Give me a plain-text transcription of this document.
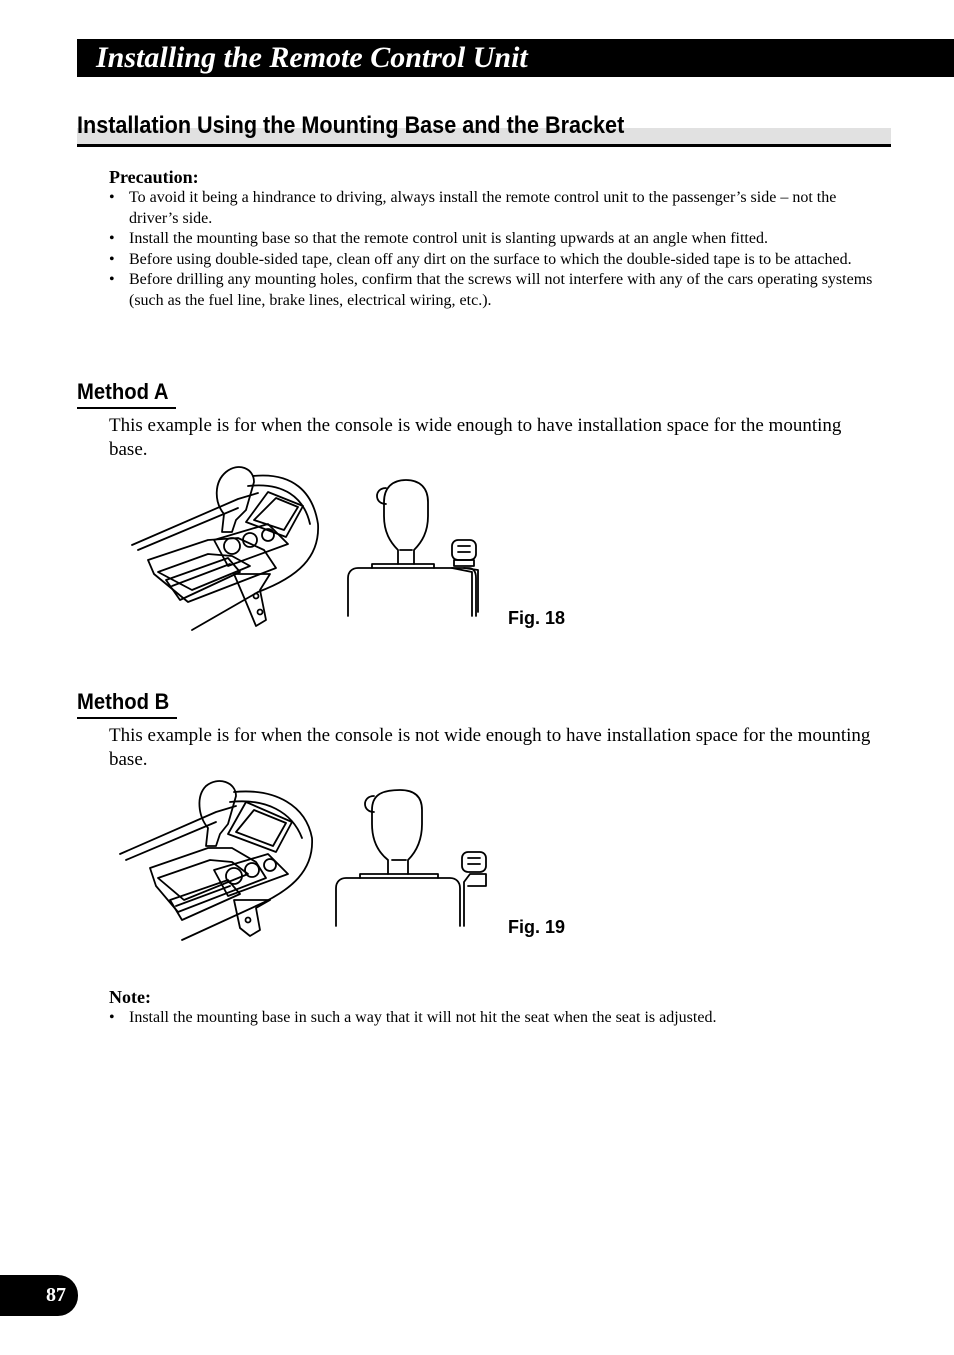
Installing the Remote Control Unit
Installation Using the Mounting Base and the Bracket
Precaution:
• To avoid it being a hindrance to driving, always install the remote control unit to the passenger’s side – not the driver’s side.
• Install the mounting base so that the remote control unit is slanting upwards at an angle when fitted.
• Before using double-sided tape, clean off any dirt on the surface to which the double-sided tape is to be attached.
• Before drilling any mounting holes, confirm that the screws will not interfere with any of the cars operating systems (such as the fuel line, brake lines, electrical wiring, etc.).
Method A

This example is for when the console is wide enough to have installation space for the mounting base.

Fig. 18
Method B

This example is for when the console is not wide enough to have installation space for the mounting base.

Fig. 19
Note:
• Install the mounting base in such a way that it will not hit the seat when the seat is adjusted.
87
